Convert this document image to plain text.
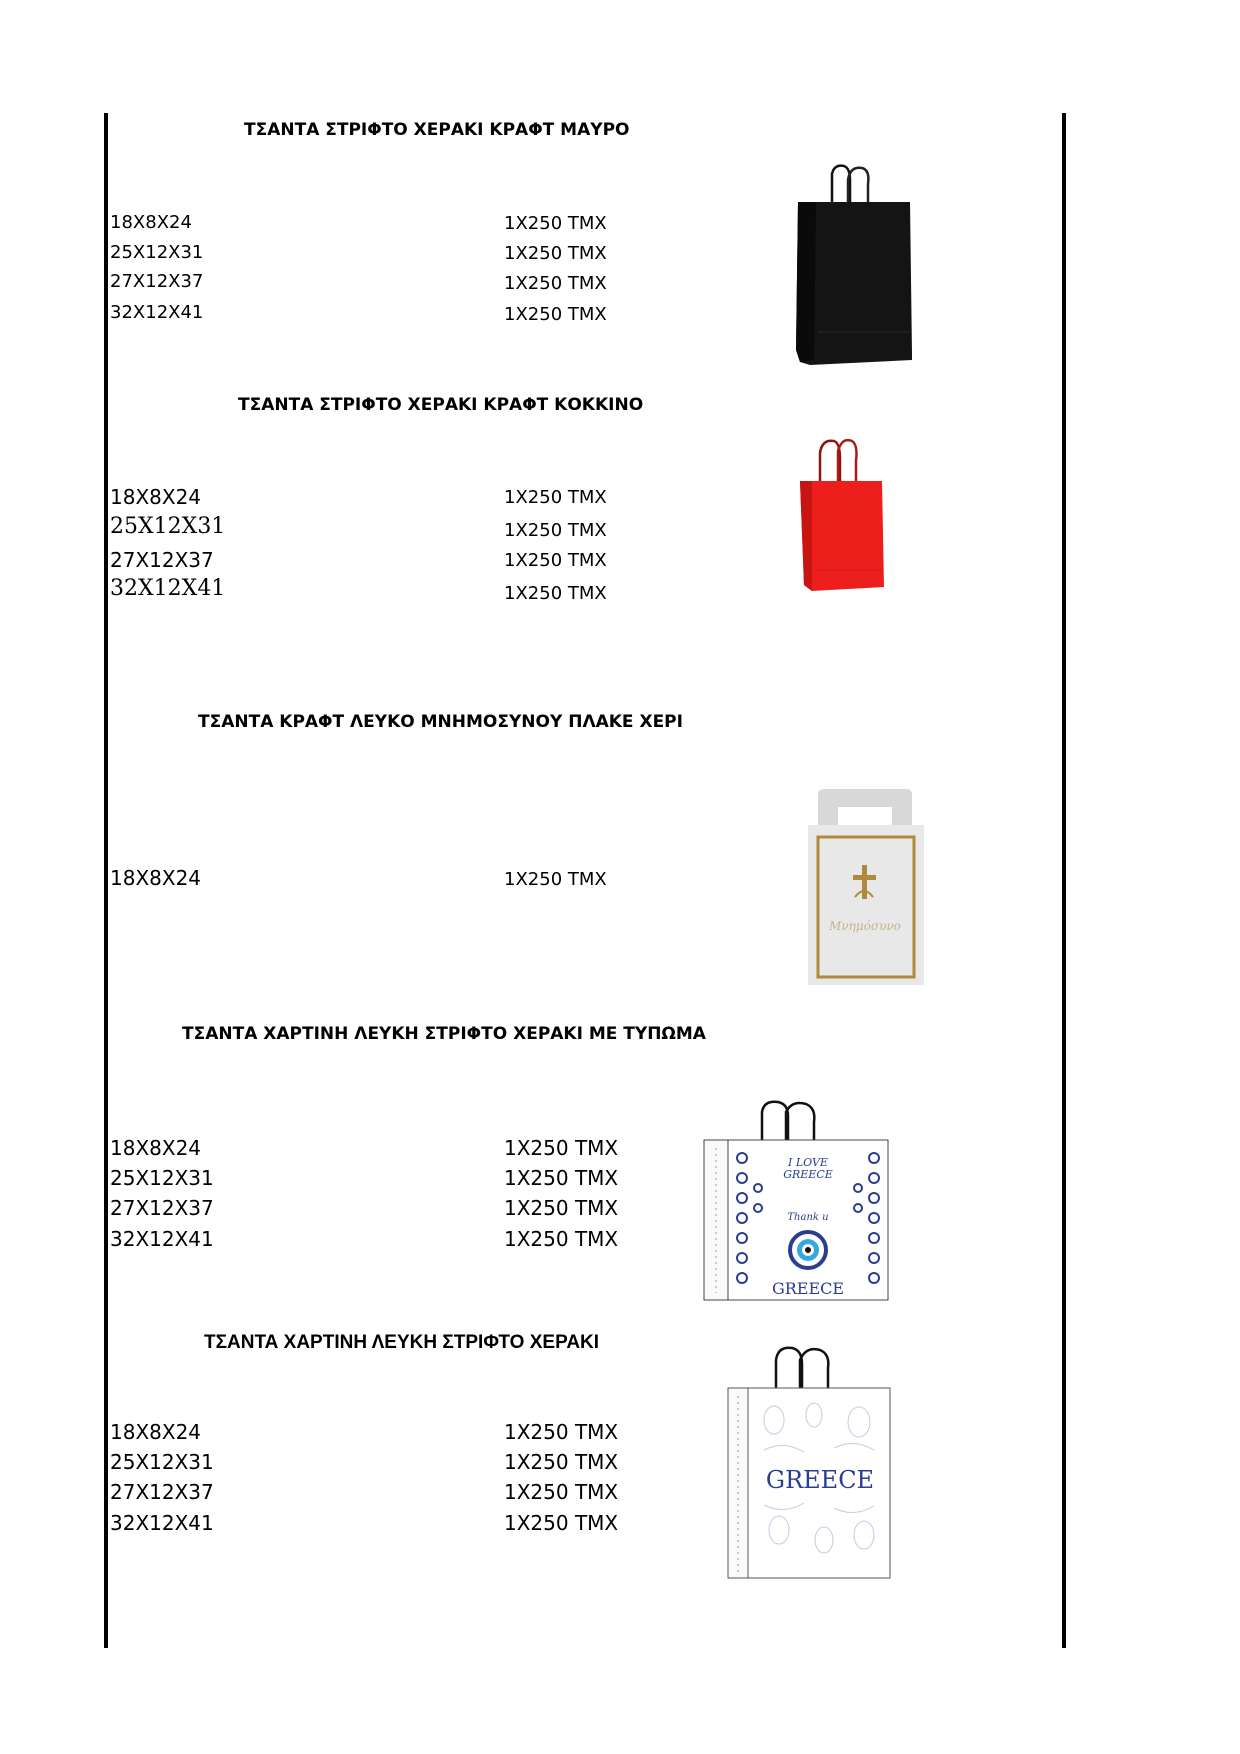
ΤΣΑΝΤΑ ΣΤΡΙΦΤΟ ΧΕΡΑΚΙ ΚΡΑΦΤ ΜΑΥΡΟ
18X8X24	1X250 ΤΜΧ
25X12X31	1X250 ΤΜΧ
27X12X37	1X250 ΤΜΧ
32X12X41	1X250 ΤΜΧ
ΤΣΑΝΤΑ ΣΤΡΙΦΤΟ ΧΕΡΑΚΙ ΚΡΑΦΤ ΚΟΚΚΙΝΟ
18X8X24	1X250 ΤΜΧ
25X12X31	1X250 ΤΜΧ
27X12X37	1X250 ΤΜΧ
32X12X41	1X250 ΤΜΧ
ΤΣΑΝΤΑ ΚΡΑΦΤ ΛΕΥΚΟ ΜΝΗΜΟΣΥΝΟΥ ΠΛΑΚΕ ΧΕΡΙ
18X8X24	1X250 ΤΜΧ
Μνημόσυνο
ΤΣΑΝΤΑ ΧΑΡΤΙΝΗ ΛΕΥΚΗ ΣΤΡΙΦΤΟ ΧΕΡΑΚΙ ΜΕ ΤΥΠΩΜΑ
18X8X24	1X250 ΤΜΧ
25X12X31	1X250 ΤΜΧ
27X12X37	1X250 ΤΜΧ
32X12X41	1X250 ΤΜΧ
I LOVE
GREECE
Thank u
GREECE
ΤΣΑΝΤΑ ΧΑΡΤΙΝΗ ΛΕΥΚΗ ΣΤΡΙΦΤΟ ΧΕΡΑΚΙ
18X8X24	1X250 ΤΜΧ
25X12X31	1X250 ΤΜΧ
27X12X37	1X250 ΤΜΧ
32X12X41	1X250 ΤΜΧ
GREECE
